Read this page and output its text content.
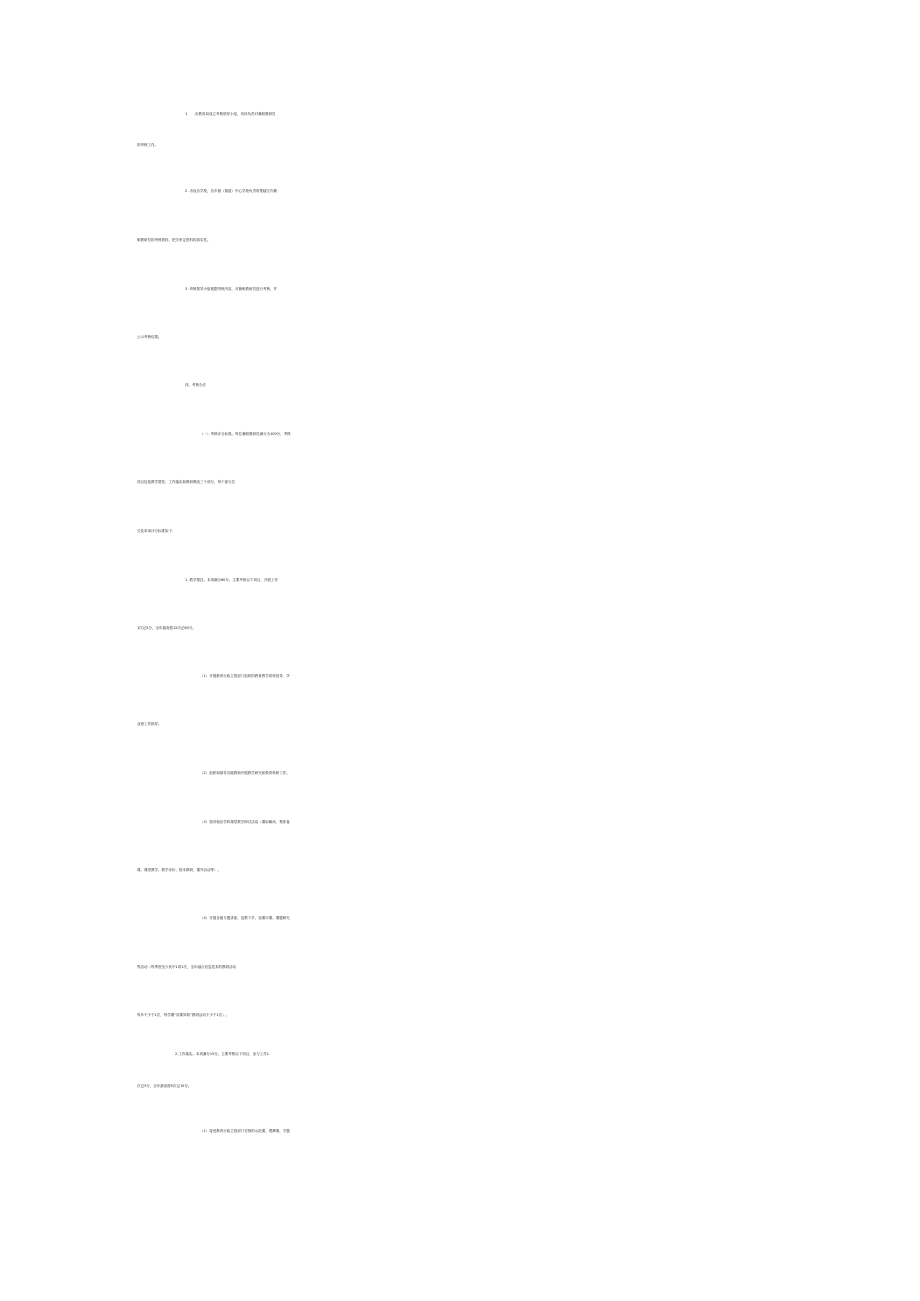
1      .市教育局成立考核领导小组，具体负责对兼职教研员
的考核工作。
2 .市直各学校、各乡旗（街道）中心学校负责收集辖区内兼
职教研员的考核资料，把关审定资料的真实性。
3 .考核领导小组根据考核内容，对兼职教研员进行考核，并
公示考核结果。
四、考核办法
（一）考核评分标准。每位兼职教研员满分为100分，考核
项目包括教学帮扶、工作落实和教研教改三个部分，每个部分总
分及单项评分标准如下：
1 .教学帮扶。本项满分60分。主要考核以下项目，开展工作
1次记5分，全年最高按12次记60分。
（1）开展教育行政主管部门组织的教育教学常规视导、毕
业班工作指导。
（2）组织和指导各级教师开展教学研究和教育科研工作。
（3）指导相应学科课堂教学研讨活动（课标解读、集体备
课、课堂教学、教学评价、校本教研、课外活动等）。
（4）开展各级专题讲座、送教下乡、说课评课、课题研究
等活动（每季度至少其中1项1次，全年融合信息技术的教研活动
每年不少于1次，每学期“同课异构”教研活动不少于1次）。
2.工作落实。本项满分15分。主要考核以下项目，参与工作1
次记3分，全年最高按5次记15分。
（1）接受教育行政主管部门安排的示范课、观摩课、专题
